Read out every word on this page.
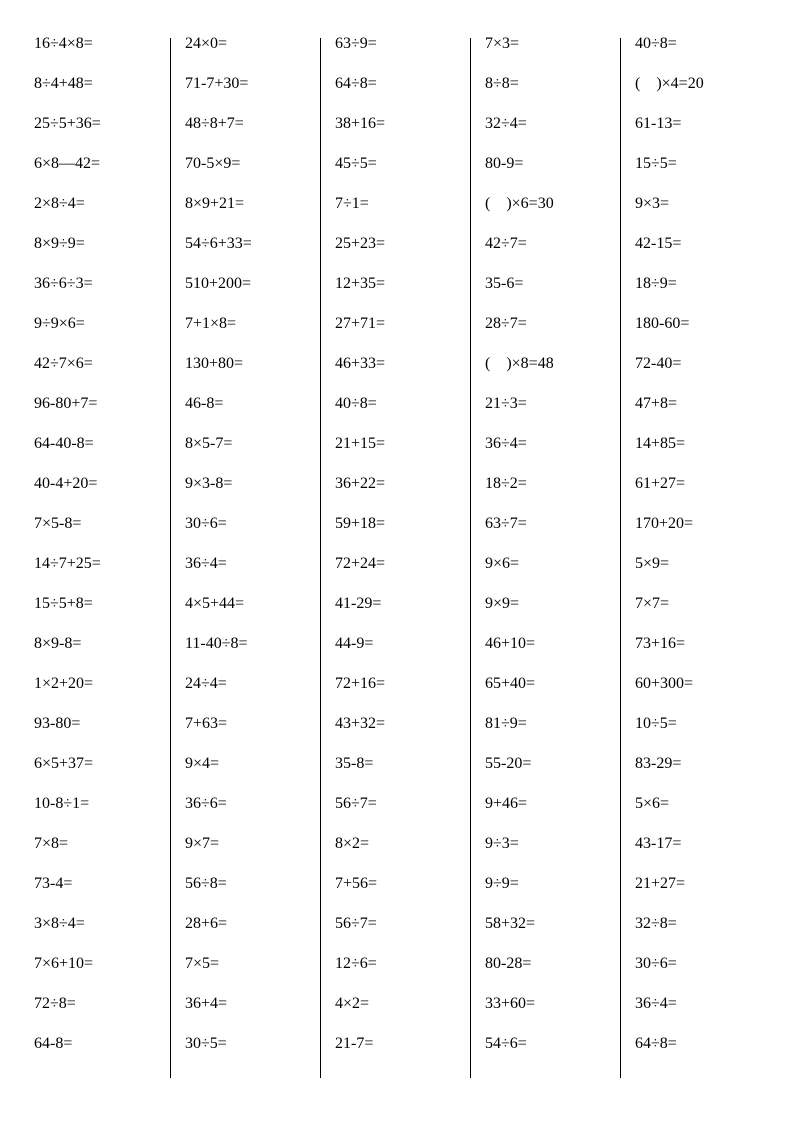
16÷4×8=
8÷4+48=
25÷5+36=
6×8—42=
2×8÷4=
8×9÷9=
36÷6÷3=
9÷9×6=
42÷7×6=
96-80+7=
64-40-8=
40-4+20=
7×5-8=
14÷7+25=
15÷5+8=
8×9-8=
1×2+20=
93-80=
6×5+37=
10-8÷1=
7×8=
73-4=
3×8÷4=
7×6+10=
72÷8=
64-8=
24×0=
71-7+30=
48÷8+7=
70-5×9=
8×9+21=
54÷6+33=
510+200=
7+1×8=
130+80=
46-8=
8×5-7=
9×3-8=
30÷6=
36÷4=
4×5+44=
11-40÷8=
24÷4=
7+63=
9×4=
36÷6=
9×7=
56÷8=
28+6=
7×5=
36+4=
30÷5=
63÷9=
64÷8=
38+16=
45÷5=
7÷1=
25+23=
12+35=
27+71=
46+33=
40÷8=
21+15=
36+22=
59+18=
72+24=
41-29=
44-9=
72+16=
43+32=
35-8=
56÷7=
8×2=
7+56=
56÷7=
12÷6=
4×2=
21-7=
7×3=
8÷8=
32÷4=
80-9=
(    )×6=30
42÷7=
35-6=
28÷7=
(    )×8=48
21÷3=
36÷4=
18÷2=
63÷7=
9×6=
9×9=
46+10=
65+40=
81÷9=
55-20=
9+46=
9÷3=
9÷9=
58+32=
80-28=
33+60=
54÷6=
40÷8=
(    )×4=20
61-13=
15÷5=
9×3=
42-15=
18÷9=
180-60=
72-40=
47+8=
14+85=
61+27=
170+20=
5×9=
7×7=
73+16=
60+300=
10÷5=
83-29=
5×6=
43-17=
21+27=
32÷8=
30÷6=
36÷4=
64÷8=
